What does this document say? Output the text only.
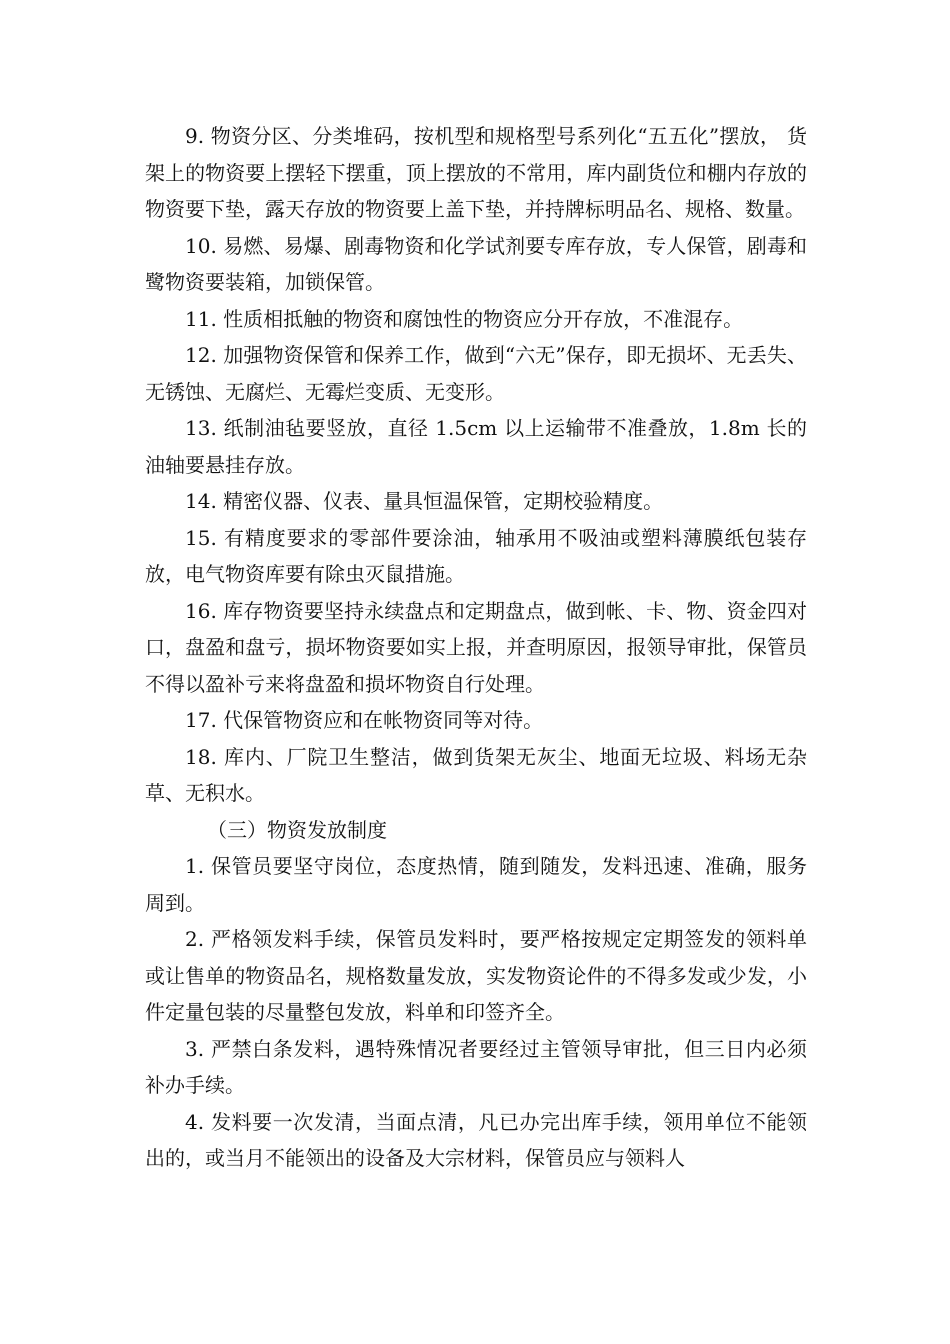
9. 物资分区、分类堆码，按机型和规格型号系列化“五五化”摆放， 货架上的物资要上摆轻下摆重，顶上摆放的不常用，库内副货位和棚内存放的物资要下垫，露天存放的物资要上盖下垫，并持牌标明品名、规格、数量。

10. 易燃、易爆、剧毒物资和化学试剂要专库存放，专人保管，剧毒和鹭物资要装箱，加锁保管。

11. 性质相抵触的物资和腐蚀性的物资应分开存放，不准混存。

12. 加强物资保管和保养工作，做到“六无”保存，即无损坏、无丢失、无锈蚀、无腐烂、无霉烂变质、无变形。

13. 纸制油毡要竖放，直径 1.5cm 以上运输带不准叠放，1.8m 长的油轴要悬挂存放。

14. 精密仪器、仪表、量具恒温保管，定期校验精度。

15. 有精度要求的零部件要涂油，轴承用不吸油或塑料薄膜纸包装存 放，电气物资库要有除虫灭鼠措施。

16. 库存物资要坚持永续盘点和定期盘点，做到帐、卡、物、资金四对口，盘盈和盘亏，损坏物资要如实上报，并查明原因，报领导审批，保管员不得以盈补亏来将盘盈和损坏物资自行处理。

17. 代保管物资应和在帐物资同等对待。

18. 库内、厂院卫生整洁，做到货架无灰尘、地面无垃圾、料场无杂 草、无积水。

（三）物资发放制度

1. 保管员要坚守岗位，态度热情，随到随发，发料迅速、准确，服务周到。

2. 严格领发料手续，保管员发料时，要严格按规定定期签发的领料单或让售单的物资品名，规格数量发放，实发物资论件的不得多发或少发，小件定量包装的尽量整包发放，料单和印签齐全。

3. 严禁白条发料，遇特殊情况者要经过主管领导审批，但三日内必须补办手续。

4. 发料要一次发清，当面点清，凡已办完出库手续，领用单位不能领出的，或当月不能领出的设备及大宗材料，保管员应与领料人
